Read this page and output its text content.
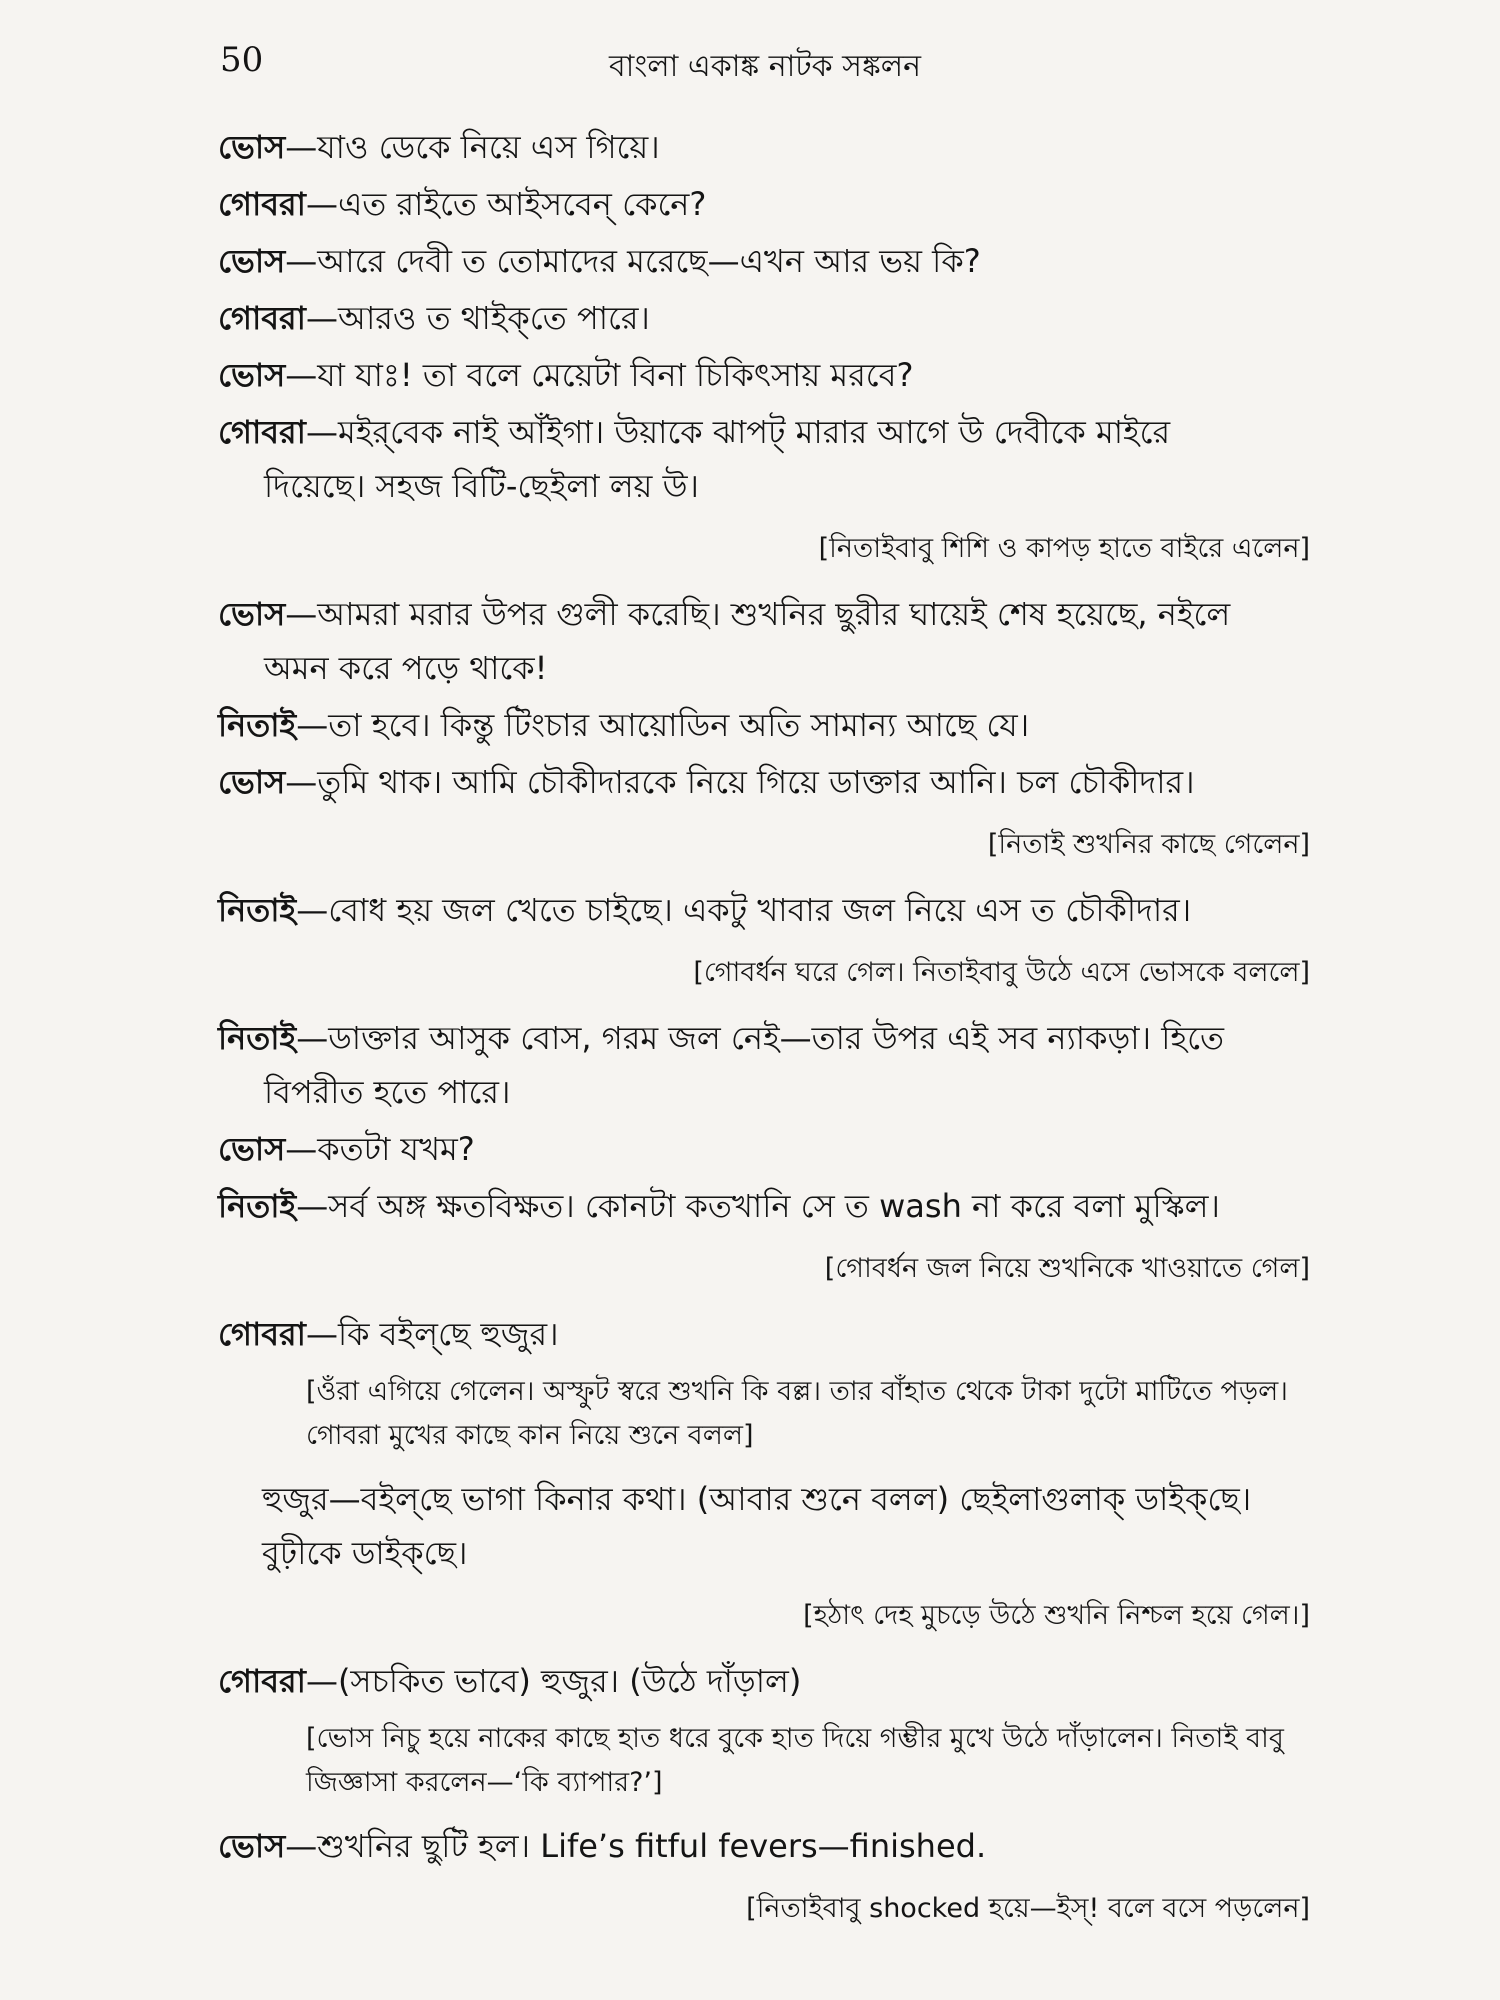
50	বাংলা একাঙ্ক নাটক সঙ্কলন

ভোস—যাও ডেকে নিয়ে এস গিয়ে।

গোবরা—এত রাইতে আইসবেন্‌ কেনে?

ভোস—আরে দেবী ত তোমাদের মরেছে—এখন আর ভয় কি?

গোবরা—আরও ত থাইক্‌তে পারে।

ভোস—যা যাঃ! তা বলে মেয়েটা বিনা চিকিৎসায় মরবে?

গোবরা—মইর্‌বেক নাই আঁইগা। উয়াকে ঝাপট্‌ মারার আগে উ দেবীকে মাইরে
দিয়েছে। সহজ বিটি-ছেইলা লয় উ।

[নিতাইবাবু শিশি ও কাপড় হাতে বাইরে এলেন]

ভোস—আমরা মরার উপর গুলী করেছি। শুখনির ছুরীর ঘায়েই শেষ হয়েছে, নইলে
অমন করে পড়ে থাকে!

নিতাই—তা হবে। কিন্তু টিংচার আয়োডিন অতি সামান্য আছে যে।

ভোস—তুমি থাক। আমি চৌকীদারকে নিয়ে গিয়ে ডাক্তার আনি। চল চৌকীদার।

[নিতাই শুখনির কাছে গেলেন]

নিতাই—বোধ হয় জল খেতে চাইছে। একটু খাবার জল নিয়ে এস ত চৌকীদার।

[গোবর্ধন ঘরে গেল। নিতাইবাবু উঠে এসে ভোসকে বললে]

নিতাই—ডাক্তার আসুক বোস, গরম জল নেই—তার উপর এই সব ন্যাকড়া। হিতে
বিপরীত হতে পারে।

ভোস—কতটা যখম?

নিতাই—সর্ব অঙ্গ ক্ষতবিক্ষত। কোনটা কতখানি সে ত wash না করে বলা মুস্কিল।

[গোবর্ধন জল নিয়ে শুখনিকে খাওয়াতে গেল]

গোবরা—কি বইল্‌ছে হুজুর।

[ওঁরা এগিয়ে গেলেন। অস্ফুট স্বরে শুখনি কি বল্ল। তার বাঁহাত থেকে টাকা দুটো মাটিতে পড়ল। গোবরা মুখের কাছে কান নিয়ে শুনে বলল]

হুজুর—বইল্‌ছে ভাগা কিনার কথা। (আবার শুনে বলল) ছেইলাগুলাক্‌ ডাইক্‌ছে।
বুঢ়ীকে ডাইক্‌ছে।

[হঠাৎ দেহ মুচড়ে উঠে শুখনি নিশ্চল হয়ে গেল।]

গোবরা—(সচকিত ভাবে) হুজুর। (উঠে দাঁড়াল)

[ভোস নিচু হয়ে নাকের কাছে হাত ধরে বুকে হাত দিয়ে গম্ভীর মুখে উঠে দাঁড়ালেন। নিতাই বাবু জিজ্ঞাসা করলেন—‘কি ব্যাপার?’]

ভোস—শুখনির ছুটি হল। Life’s fitful fevers—finished.

[নিতাইবাবু shocked হয়ে—ইস্‌! বলে বসে পড়লেন]
